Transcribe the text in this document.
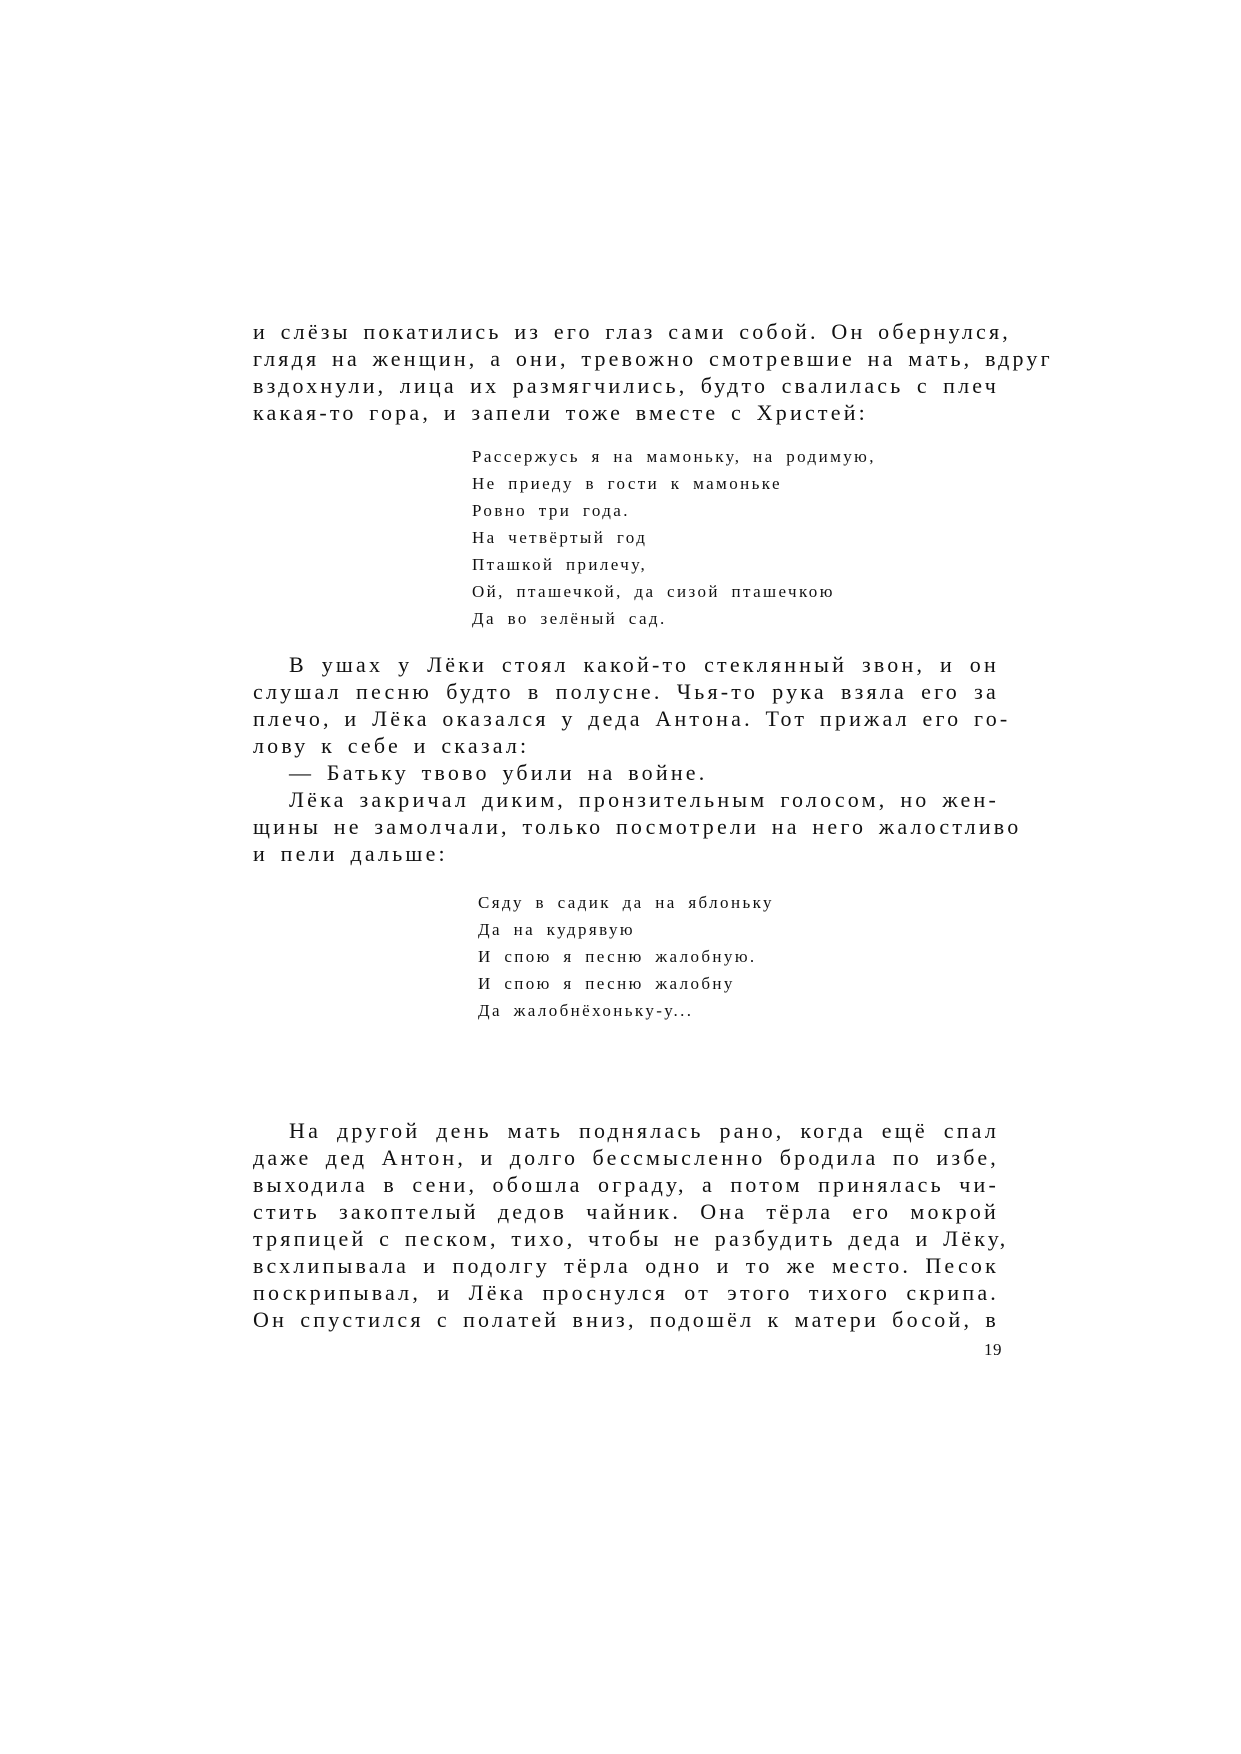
и слёзы покатились из его глаз сами собой. Он обернулся,
глядя на женщин, а они, тревожно смотревшие на мать, вдруг
вздохнули, лица их размягчились, будто свалилась с плеч
какая-то гора, и запели тоже вместе с Христей:
Рассержусь я на мамоньку, на родимую,
Не приеду в гости к мамоньке
Ровно три года.
На четвёртый год
Пташкой прилечу,
Ой, пташечкой, да сизой пташечкою
Да во зелёный сад.
В ушах у Лёки стоял какой-то стеклянный звон, и он
слушал песню будто в полусне. Чья-то рука взяла его за
плечо, и Лёка оказался у деда Антона. Тот прижал его го-
лову к себе и сказал:
— Батьку твово убили на войне.
Лёка закричал диким, пронзительным голосом, но жен-
щины не замолчали, только посмотрели на него жалостливо
и пели дальше:
Сяду в садик да на яблоньку
Да на кудрявую
И спою я песню жалобную.
И спою я песню жалобну
Да жалобнёхоньку-у...
На другой день мать поднялась рано, когда ещё спал
даже дед Антон, и долго бессмысленно бродила по избе,
выходила в сени, обошла ограду, а потом принялась чи-
стить закоптелый дедов чайник. Она тёрла его мокрой
тряпицей с песком, тихо, чтобы не разбудить деда и Лёку,
всхлипывала и подолгу тёрла одно и то же место. Песок
поскрипывал, и Лёка проснулся от этого тихого скрипа.
Он спустился с полатей вниз, подошёл к матери босой, в
19
